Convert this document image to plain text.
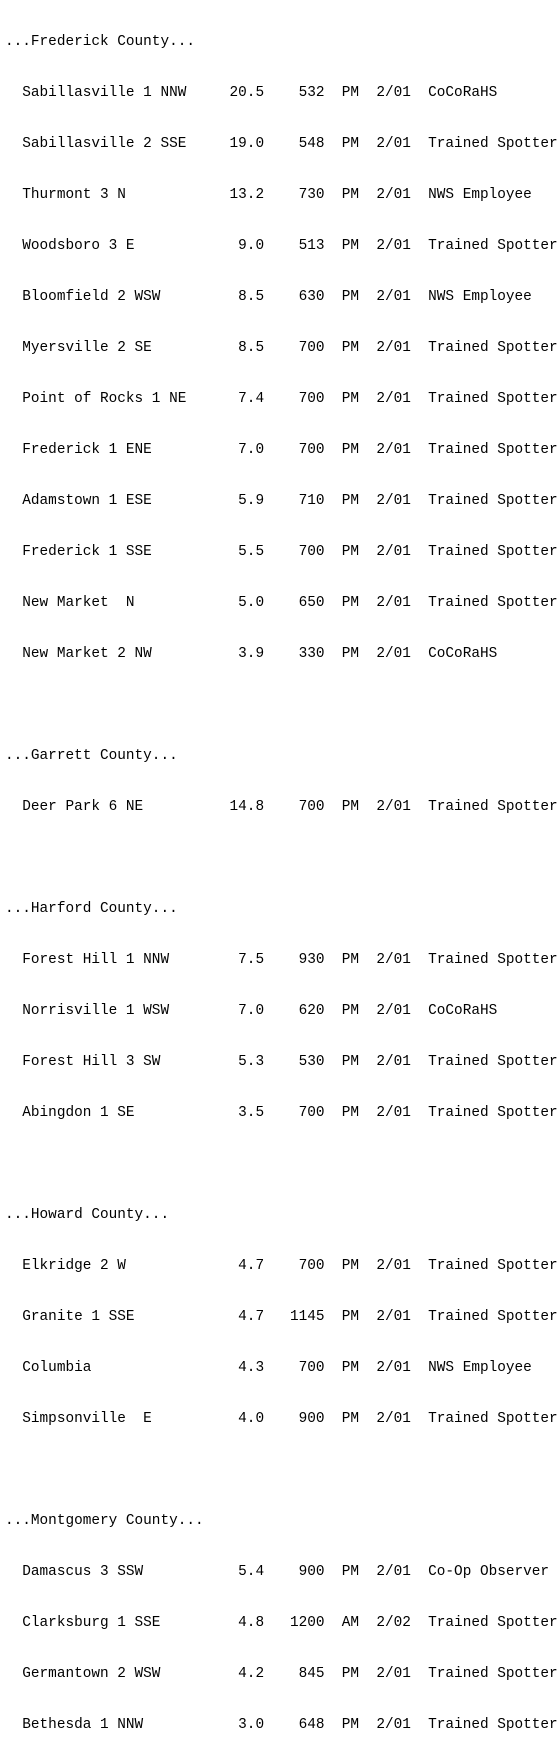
...Frederick County...

Sabillasville 1 NNW     20.5    532  PM  2/01  CoCoRaHS

Sabillasville 2 SSE     19.0    548  PM  2/01  Trained Spotter

Thurmont 3 N            13.2    730  PM  2/01  NWS Employee

Woodsboro 3 E            9.0    513  PM  2/01  Trained Spotter

Bloomfield 2 WSW         8.5    630  PM  2/01  NWS Employee

Myersville 2 SE          8.5    700  PM  2/01  Trained Spotter

Point of Rocks 1 NE      7.4    700  PM  2/01  Trained Spotter

Frederick 1 ENE          7.0    700  PM  2/01  Trained Spotter

Adamstown 1 ESE          5.9    710  PM  2/01  Trained Spotter

Frederick 1 SSE          5.5    700  PM  2/01  Trained Spotter

New Market  N            5.0    650  PM  2/01  Trained Spotter

New Market 2 NW          3.9    330  PM  2/01  CoCoRaHS

...Garrett County...

Deer Park 6 NE          14.8    700  PM  2/01  Trained Spotter

...Harford County...

Forest Hill 1 NNW        7.5    930  PM  2/01  Trained Spotter

Norrisville 1 WSW        7.0    620  PM  2/01  CoCoRaHS

Forest Hill 3 SW         5.3    530  PM  2/01  Trained Spotter

Abingdon 1 SE            3.5    700  PM  2/01  Trained Spotter

...Howard County...

Elkridge 2 W             4.7    700  PM  2/01  Trained Spotter

Granite 1 SSE            4.7   1145  PM  2/01  Trained Spotter

Columbia                 4.3    700  PM  2/01  NWS Employee

Simpsonville  E          4.0    900  PM  2/01  Trained Spotter

...Montgomery County...

Damascus 3 SSW           5.4    900  PM  2/01  Co-Op Observer

Clarksburg 1 SSE         4.8   1200  AM  2/02  Trained Spotter

Germantown 2 WSW         4.2    845  PM  2/01  Trained Spotter

Bethesda 1 NNW           3.0    648  PM  2/01  Trained Spotter
